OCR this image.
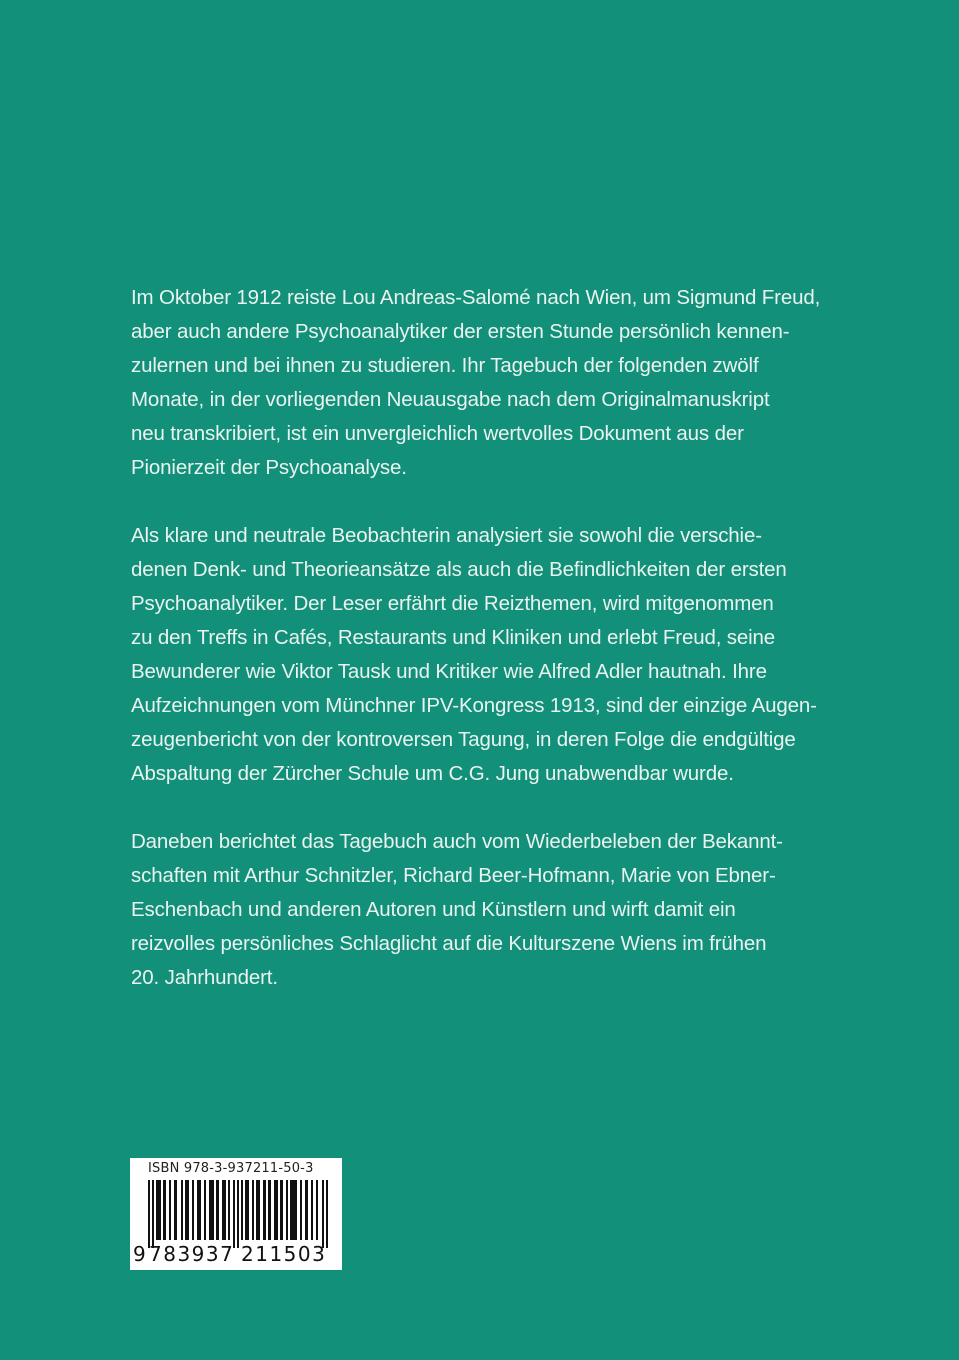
Im Oktober 1912 reiste Lou Andreas-Salomé nach Wien, um Sigmund Freud,
aber auch andere Psychoanalytiker der ersten Stunde persönlich kennen-
zulernen und bei ihnen zu studieren. Ihr Tagebuch der folgenden zwölf
Monate, in der vorliegenden Neuausgabe nach dem Originalmanuskript
neu transkribiert, ist ein unvergleichlich wertvolles Dokument aus der
Pionierzeit der Psychoanalyse.

Als klare und neutrale Beobachterin analysiert sie sowohl die verschie-
denen Denk- und Theorieansätze als auch die Befindlichkeiten der ersten
Psychoanalytiker. Der Leser erfährt die Reizthemen, wird mitgenommen
zu den Treffs in Cafés, Restaurants und Kliniken und erlebt Freud, seine
Bewunderer wie Viktor Tausk und Kritiker wie Alfred Adler hautnah. Ihre
Aufzeichnungen vom Münchner IPV-Kongress 1913, sind der einzige Augen-
zeugenbericht von der kontroversen Tagung, in deren Folge die endgültige
Abspaltung der Zürcher Schule um C.G. Jung unabwendbar wurde.

Daneben berichtet das Tagebuch auch vom Wiederbeleben der Bekannt-
schaften mit Arthur Schnitzler, Richard Beer-Hofmann, Marie von Ebner-
Eschenbach und anderen Autoren und Künstlern und wirft damit ein
reizvolles persönliches Schlaglicht auf die Kulturszene Wiens im frühen
20. Jahrhundert.

ISBN 978-3-937211-50-3
9 783937 211503
